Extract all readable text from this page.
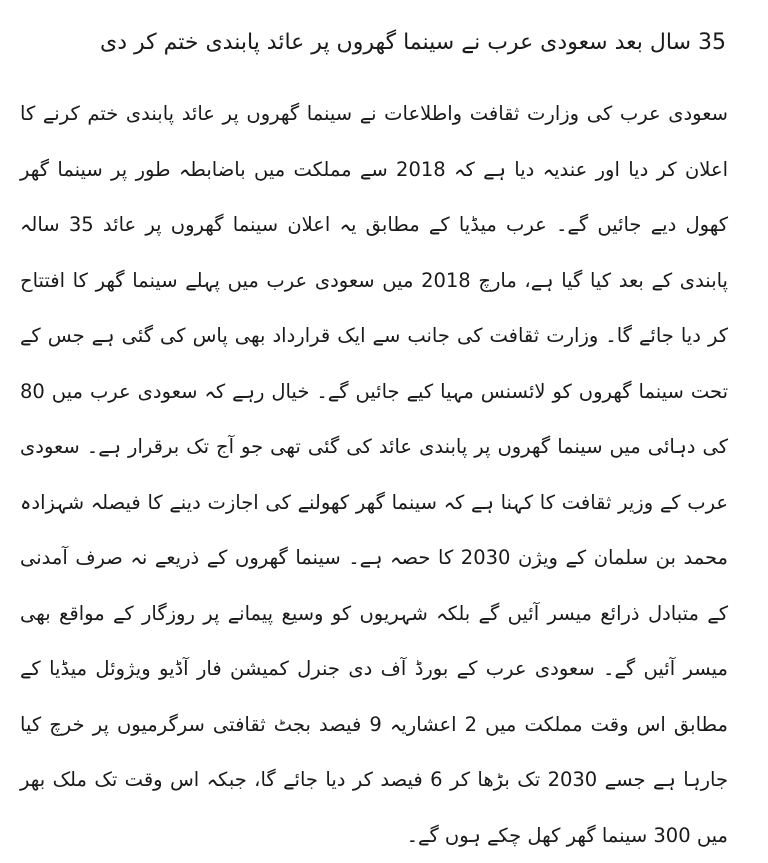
35 سال بعد سعودی عرب نے سینما گھروں پر عائد پابندی ختم کر دی

سعودی عرب کی وزارت ثقافت واطلاعات نے سینما گھروں پر عائد پابندی ختم کرنے کا اعلان کر دیا اور عندیہ دیا ہے کہ 2018 سے مملکت میں باضابطہ طور پر سینما گھر کھول دیے جائیں گے۔ عرب میڈیا کے مطابق یہ اعلان سینما گھروں پر عائد 35 سالہ پابندی کے بعد کیا گیا ہے، مارچ 2018 میں سعودی عرب میں پہلے سینما گھر کا افتتاح کر دیا جائے گا۔ وزارت ثقافت کی جانب سے ایک قرارداد بھی پاس کی گئی ہے جس کے تحت سینما گھروں کو لائسنس مہیا کیے جائیں گے۔ خیال رہے کہ سعودی عرب میں 80 کی دہائی میں سینما گھروں پر پابندی عائد کی گئی تھی جو آج تک برقرار ہے۔ سعودی عرب کے وزیر ثقافت کا کہنا ہے کہ سینما گھر کھولنے کی اجازت دینے کا فیصلہ شہزادہ محمد بن سلمان کے ویژن 2030 کا حصہ ہے۔ سینما گھروں کے ذریعے نہ صرف آمدنی کے متبادل ذرائع میسر آئیں گے بلکہ شہریوں کو وسیع پیمانے پر روزگار کے مواقع بھی میسر آئیں گے۔ سعودی عرب کے بورڈ آف دی جنرل کمیشن فار آڈیو ویژوئل میڈیا کے مطابق اس وقت مملکت میں 2 اعشاریہ 9 فیصد بجٹ ثقافتی سرگرمیوں پر خرچ کیا جارہا ہے جسے 2030 تک بڑھا کر 6 فیصد کر دیا جائے گا، جبکہ اس وقت تک ملک بھر میں 300 سینما گھر کھل چکے ہوں گے۔
